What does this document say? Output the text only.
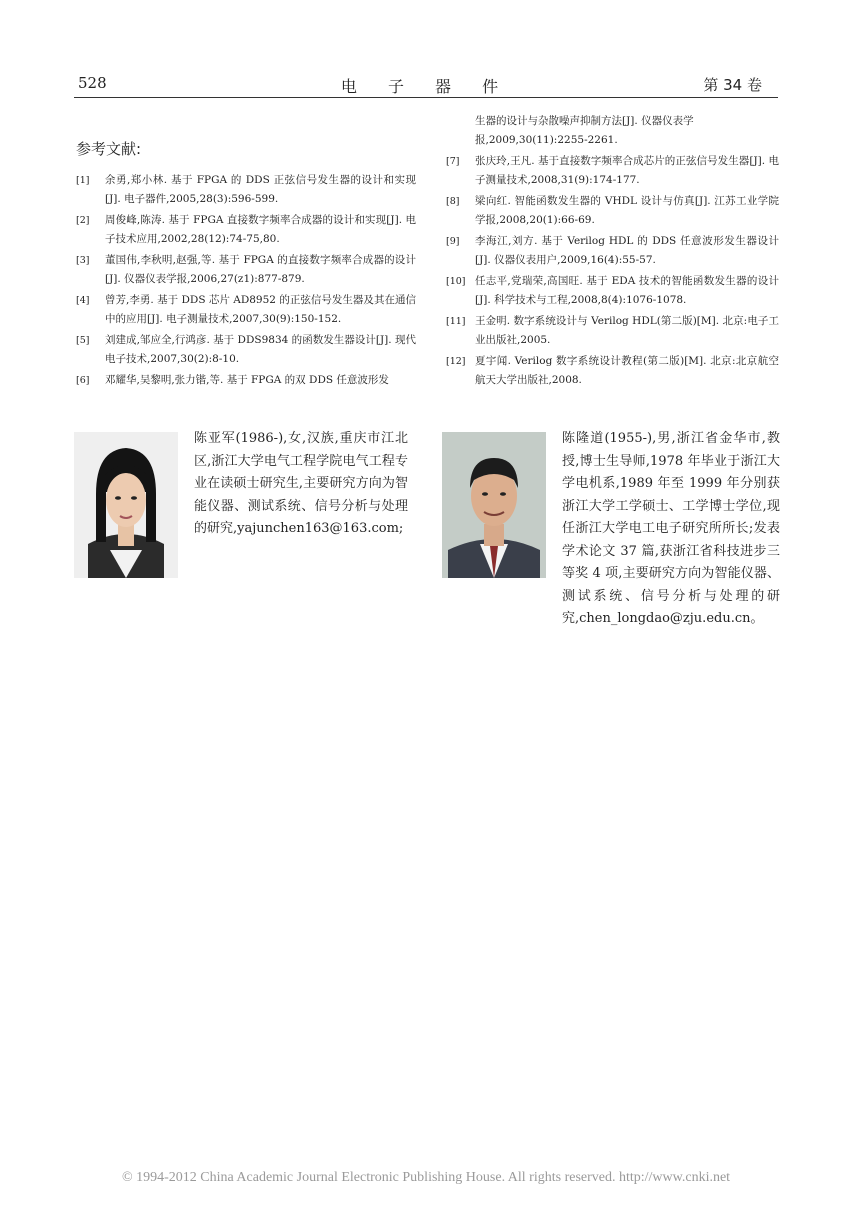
528	电 子 器 件	第 34 卷
参考文献:
[1] 余勇,郑小林. 基于 FPGA 的 DDS 正弦信号发生器的设计和实现[J]. 电子器件,2005,28(3):596-599.
[2] 周俊峰,陈涛. 基于 FPGA 直接数字频率合成器的设计和实现[J]. 电子技术应用,2002,28(12):74-75,80.
[3] 董国伟,李秋明,赵强,等. 基于 FPGA 的直接数字频率合成器的设计[J]. 仪器仪表学报,2006,27(z1):877-879.
[4] 曾芳,李勇. 基于 DDS 芯片 AD8952 的正弦信号发生器及其在通信中的应用[J]. 电子测量技术,2007,30(9):150-152.
[5] 刘建成,邹应全,行鸿彦. 基于 DDS9834 的函数发生器设计[J]. 现代电子技术,2007,30(2):8-10.
[6] 邓耀华,吴黎明,张力锴,等. 基于 FPGA 的双 DDS 任意波形发
生器的设计与杂散噪声抑制方法[J]. 仪器仪表学报,2009,30(11):2255-2261.
[7] 张庆玲,王凡. 基于直接数字频率合成芯片的正弦信号发生器[J]. 电子测量技术,2008,31(9):174-177.
[8] 梁向红. 智能函数发生器的 VHDL 设计与仿真[J]. 江苏工业学院学报,2008,20(1):66-69.
[9] 李海江,刘方. 基于 Verilog HDL 的 DDS 任意波形发生器设计[J]. 仪器仪表用户,2009,16(4):55-57.
[10] 任志平,党瑞荣,高国旺. 基于 EDA 技术的智能函数发生器的设计[J]. 科学技术与工程,2008,8(4):1076-1078.
[11] 王金明. 数字系统设计与 Verilog HDL(第二版)[M]. 北京:电子工业出版社,2005.
[12] 夏宇闻. Verilog 数字系统设计教程(第二版)[M]. 北京:北京航空航天大学出版社,2008.
陈亚军(1986-),女,汉族,重庆市江北区,浙江大学电气工程学院电气工程专业在读硕士研究生,主要研究方向为智能仪器、测试系统、信号分析与处理的研究,yajunchen163@163.com;
陈隆道(1955-),男,浙江省金华市,教授,博士生导师,1978 年毕业于浙江大学电机系,1989 年至 1999 年分别获浙江大学工学硕士、工学博士学位,现任浙江大学电工电子研究所所长;发表学术论文 37 篇,获浙江省科技进步三等奖 4 项,主要研究方向为智能仪器、测试系统、信号分析与处理的研究,chen_longdao@zju.edu.cn。
© 1994-2012 China Academic Journal Electronic Publishing House. All rights reserved. http://www.cnki.net
